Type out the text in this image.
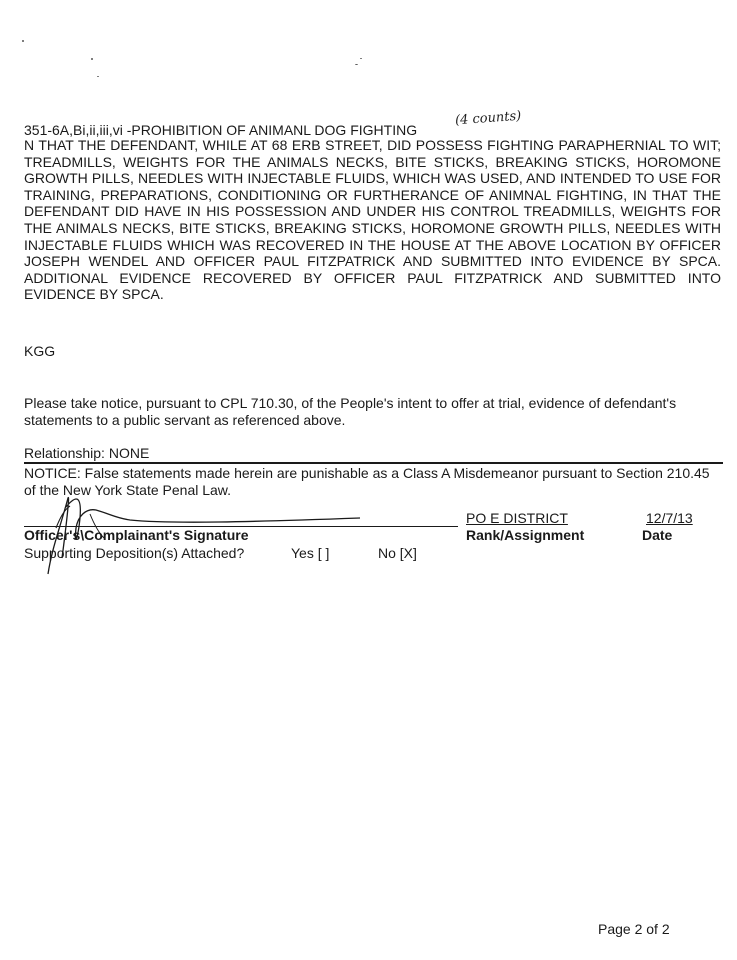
351-6A,Bi,ii,iii,vi -PROHIBITION OF ANIMANL DOG FIGHTING
(4 counts)

N THAT THE DEFENDANT, WHILE AT 68 ERB STREET, DID POSSESS FIGHTING PARAPHERNIAL TO WIT; TREADMILLS, WEIGHTS FOR THE ANIMALS NECKS, BITE STICKS, BREAKING STICKS, HOROMONE GROWTH PILLS, NEEDLES WITH INJECTABLE FLUIDS, WHICH WAS USED, AND INTENDED TO USE FOR TRAINING, PREPARATIONS, CONDITIONING OR FURTHERANCE OF ANIMNAL FIGHTING, IN THAT THE DEFENDANT DID HAVE IN HIS POSSESSION AND UNDER HIS CONTROL TREADMILLS, WEIGHTS FOR THE ANIMALS NECKS, BITE STICKS, BREAKING STICKS, HOROMONE GROWTH PILLS, NEEDLES WITH INJECTABLE FLUIDS WHICH WAS RECOVERED IN THE HOUSE AT THE ABOVE LOCATION BY OFFICER JOSEPH WENDEL AND OFFICER PAUL FITZPATRICK AND SUBMITTED INTO EVIDENCE BY SPCA. ADDITIONAL EVIDENCE RECOVERED BY OFFICER PAUL FITZPATRICK AND SUBMITTED INTO EVIDENCE BY SPCA.

KGG

Please take notice, pursuant to CPL 710.30, of the People's intent to offer at trial, evidence of defendant's statements to a public servant as referenced above.

Relationship: NONE

NOTICE: False statements made herein are punishable as a Class A Misdemeanor pursuant to Section 210.45 of the New York State Penal Law.

PO E DISTRICT	12/7/13
Officer's\Complainant's Signature	Rank/Assignment	Date
Supporting Deposition(s) Attached?	Yes [ ]	No [X]
Page 2 of 2
